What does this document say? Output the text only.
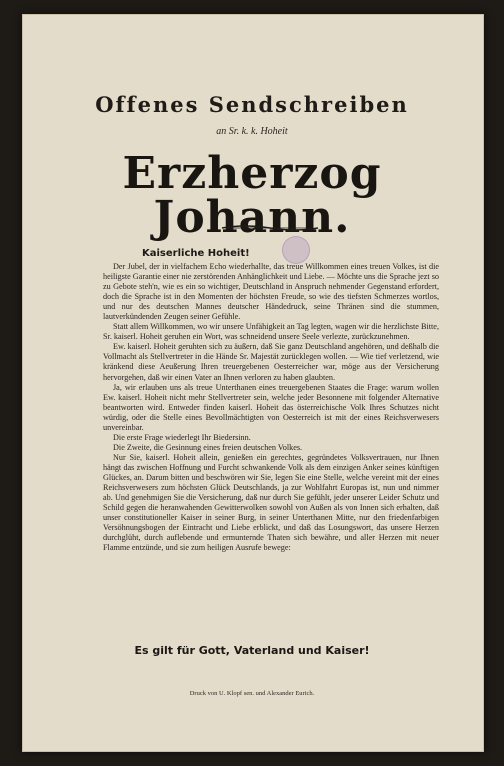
Offenes Sendschreiben
an Sr. k. k. Hoheit
Erzherzog Johann.
Kaiserliche Hoheit!

Der Jubel, der in vielfachem Echo wiederhallte, das treue Willkommen eines treuen Volkes, ist die heiligste Garantie einer nie zerstörenden Anhänglichkeit und Liebe. — Möchte uns die Sprache jezt so zu Gebote steh'n, wie es ein so wichtiger, Deutschland in Anspruch nehmender Gegenstand erfordert, doch die Sprache ist in den Momenten der höchsten Freude, so wie des tiefsten Schmerzes wortlos, und nur des deutschen Mannes deutscher Händedruck, seine Thränen sind die stummen, lautverkündenden Zeugen seiner Gefühle.

Statt allem Willkommen, wo wir unsere Unfähigkeit an Tag legten, wagen wir die herzlichste Bitte, Sr. kaiserl. Hoheit geruhen ein Wort, was schneidend unsere Seele verlezte, zurückzunehmen.

Ew. kaiserl. Hoheit geruhten sich zu äußern, daß Sie ganz Deutschland angehören, und deßhalb die Vollmacht als Stellvertreter in die Hände Sr. Majestät zurücklegen wollen. — Wie tief verletzend, wie kränkend diese Aeußerung Ihren treuergebenen Oesterreicher war, möge aus der Versicherung hervorgehen, daß wir einen Vater an Ihnen verloren zu haben glaubten.

Ja, wir erlauben uns als treue Unterthanen eines treuergebenen Staates die Frage: warum wollen Ew. kaiserl. Hoheit nicht mehr Stellvertreter sein, welche jeder Besonnene mit folgender Alternative beantworten wird. Entweder finden kaiserl. Hoheit das österreichische Volk Ihres Schutzes nicht würdig, oder die Stelle eines Bevollmächtigten von Oesterreich ist mit der eines Reichsverwesers unvereinbar.

Die erste Frage wiederlegt Ihr Biedersinn.

Die Zweite, die Gesinnung eines freien deutschen Volkes.

Nur Sie, kaiserl. Hoheit allein, genießen ein gerechtes, gegründetes Volksvertrauen, nur Ihnen hängt das zwischen Hoffnung und Furcht schwankende Volk als dem einzigen Anker seines künftigen Glückes, an. Darum bitten und beschwören wir Sie, legen Sie eine Stelle, welche vereint mit der eines Reichsverwesers zum höchsten Glück Deutschlands, ja zur Wohlfahrt Europas ist, nun und nimmer ab. Und genehmigen Sie die Versicherung, daß nur durch Sie gefühlt, jeder unserer Leider Schutz und Schild gegen die heranwahenden Gewitterwolken sowohl von Außen als von Innen sich erhalten, daß unser constitutioneller Kaiser in seiner Burg, in seiner Unterthanen Mitte, nur den friedenfarbigen Versöhnungsbogen der Eintracht und Liebe erblickt, und daß das Losungswort, das unsere Herzen durchglüht, durch auflebende und ermunternde Thaten sich bewähre, und aller Herzen mit neuer Flamme entzünde, und sie zum heiligen Ausrufe bewege:

Es gilt für Gott, Vaterland und Kaiser!
Druck von U. Klopf sen. und Alexander Eurich.
